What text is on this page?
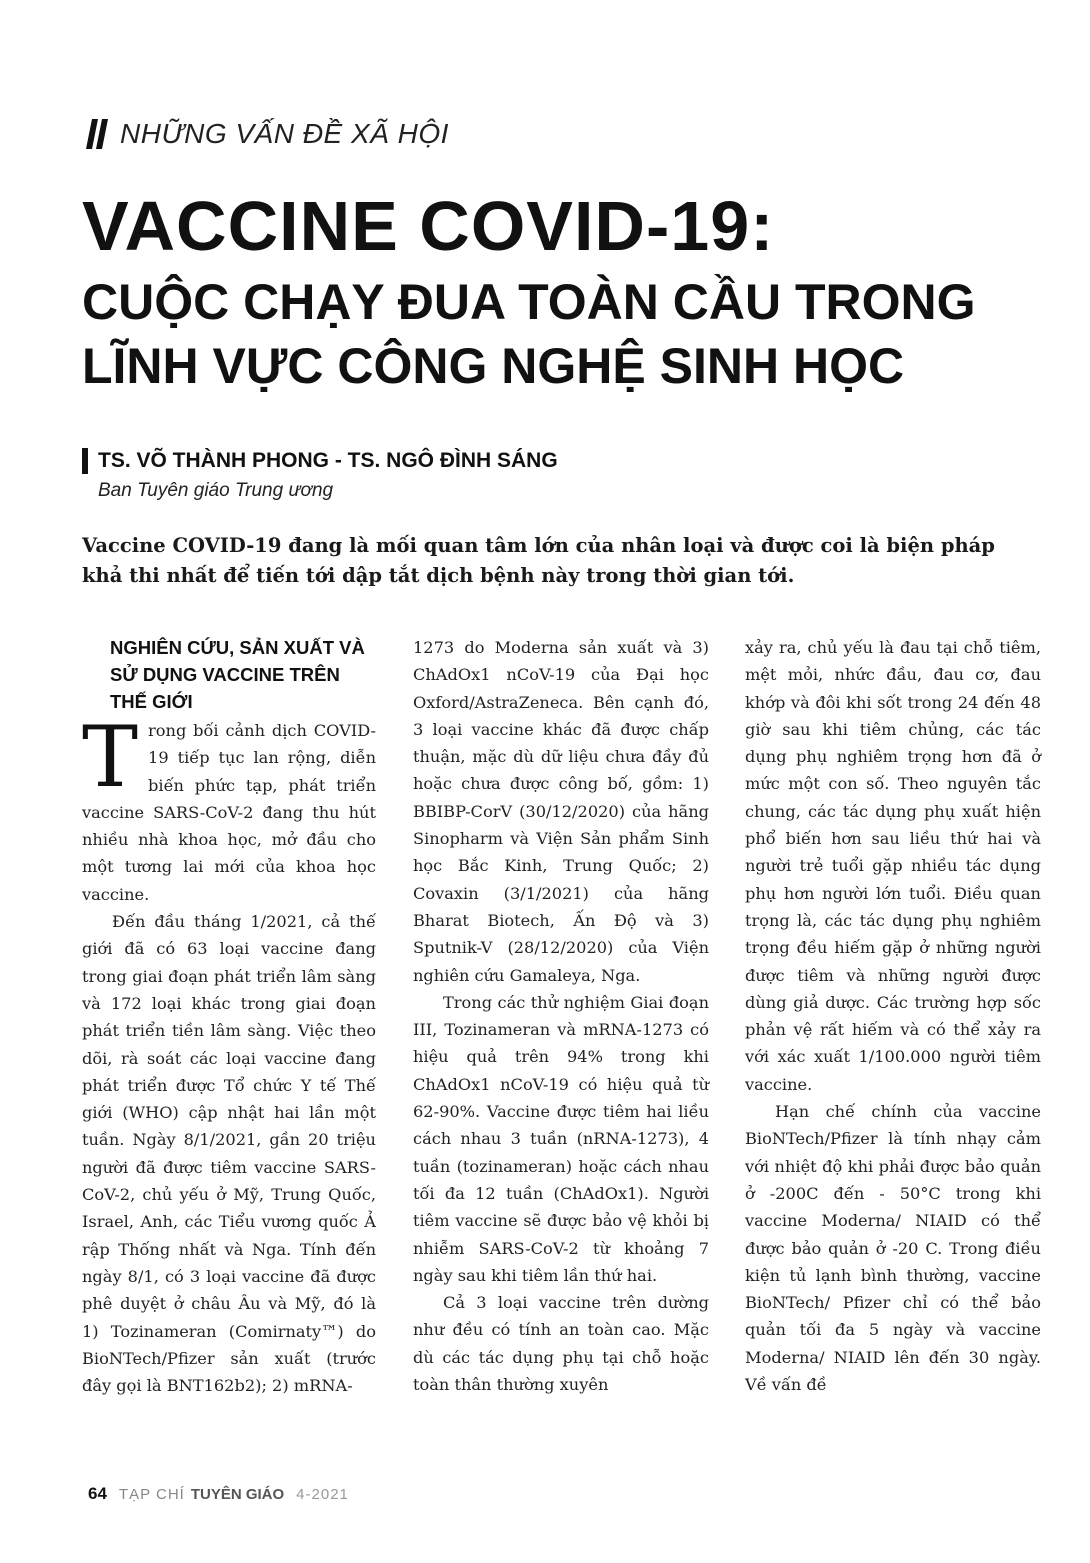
NHỮNG VẤN ĐỀ XÃ HỘI
VACCINE COVID-19:
CUỘC CHẠY ĐUA TOÀN CẦU TRONG LĨNH VỰC CÔNG NGHỆ SINH HỌC
TS. VÕ THÀNH PHONG - TS. NGÔ ĐÌNH SÁNG
Ban Tuyên giáo Trung ương
Vaccine COVID-19 đang là mối quan tâm lớn của nhân loại và được coi là biện pháp khả thi nhất để tiến tới dập tắt dịch bệnh này trong thời gian tới.
NGHIÊN CỨU, SẢN XUẤT VÀ SỬ DỤNG VACCINE TRÊN THẾ GIỚI

Trong bối cảnh dịch COVID-19 tiếp tục lan rộng, diễn biến phức tạp, phát triển vaccine SARS-CoV-2 đang thu hút nhiều nhà khoa học, mở đầu cho một tương lai mới của khoa học vaccine.

Đến đầu tháng 1/2021, cả thế giới đã có 63 loại vaccine đang trong giai đoạn phát triển lâm sàng và 172 loại khác trong giai đoạn phát triển tiền lâm sàng. Việc theo dõi, rà soát các loại vaccine đang phát triển được Tổ chức Y tế Thế giới (WHO) cập nhật hai lần một tuần. Ngày 8/1/2021, gần 20 triệu người đã được tiêm vaccine SARS-CoV-2, chủ yếu ở Mỹ, Trung Quốc, Israel, Anh, các Tiểu vương quốc Ả rập Thống nhất và Nga. Tính đến ngày 8/1, có 3 loại vaccine đã được phê duyệt ở châu Âu và Mỹ, đó là 1) Tozinameran (Comirnaty™) do BioNTech/Pfizer sản xuất (trước đây gọi là BNT162b2); 2) mRNA-

1273 do Moderna sản xuất và 3) ChAdOx1 nCoV-19 của Đại học Oxford/AstraZeneca. Bên cạnh đó, 3 loại vaccine khác đã được chấp thuận, mặc dù dữ liệu chưa đầy đủ hoặc chưa được công bố, gồm: 1) BBIBP-CorV (30/12/2020) của hãng Sinopharm và Viện Sản phẩm Sinh học Bắc Kinh, Trung Quốc; 2) Covaxin (3/1/2021) của hãng Bharat Biotech, Ấn Độ và 3) Sputnik-V (28/12/2020) của Viện nghiên cứu Gamaleya, Nga.

Trong các thử nghiệm Giai đoạn III, Tozinameran và mRNA-1273 có hiệu quả trên 94% trong khi ChAdOx1 nCoV-19 có hiệu quả từ 62-90%. Vaccine được tiêm hai liều cách nhau 3 tuần (nRNA-1273), 4 tuần (tozinameran) hoặc cách nhau tối đa 12 tuần (ChAdOx1). Người tiêm vaccine sẽ được bảo vệ khỏi bị nhiễm SARS-CoV-2 từ khoảng 7 ngày sau khi tiêm lần thứ hai.

Cả 3 loại vaccine trên dường như đều có tính an toàn cao. Mặc dù các tác dụng phụ tại chỗ hoặc toàn thân thường xuyên

xảy ra, chủ yếu là đau tại chỗ tiêm, mệt mỏi, nhức đầu, đau cơ, đau khớp và đôi khi sốt trong 24 đến 48 giờ sau khi tiêm chủng, các tác dụng phụ nghiêm trọng hơn đã ở mức một con số. Theo nguyên tắc chung, các tác dụng phụ xuất hiện phổ biến hơn sau liều thứ hai và người trẻ tuổi gặp nhiều tác dụng phụ hơn người lớn tuổi. Điều quan trọng là, các tác dụng phụ nghiêm trọng đều hiếm gặp ở những người được tiêm và những người được dùng giả dược. Các trường hợp sốc phản vệ rất hiếm và có thể xảy ra với xác xuất 1/100.000 người tiêm vaccine.

Hạn chế chính của vaccine BioNTech/Pfizer là tính nhạy cảm với nhiệt độ khi phải được bảo quản ở -200C đến - 50°C trong khi vaccine Moderna/ NIAID có thể được bảo quản ở -20 C. Trong điều kiện tủ lạnh bình thường, vaccine BioNTech/ Pfizer chỉ có thể bảo quản tối đa 5 ngày và vaccine Moderna/ NIAID lên đến 30 ngày. Về vấn đề

64 TẠP CHÍ TUYÊN GIÁO 4-2021
